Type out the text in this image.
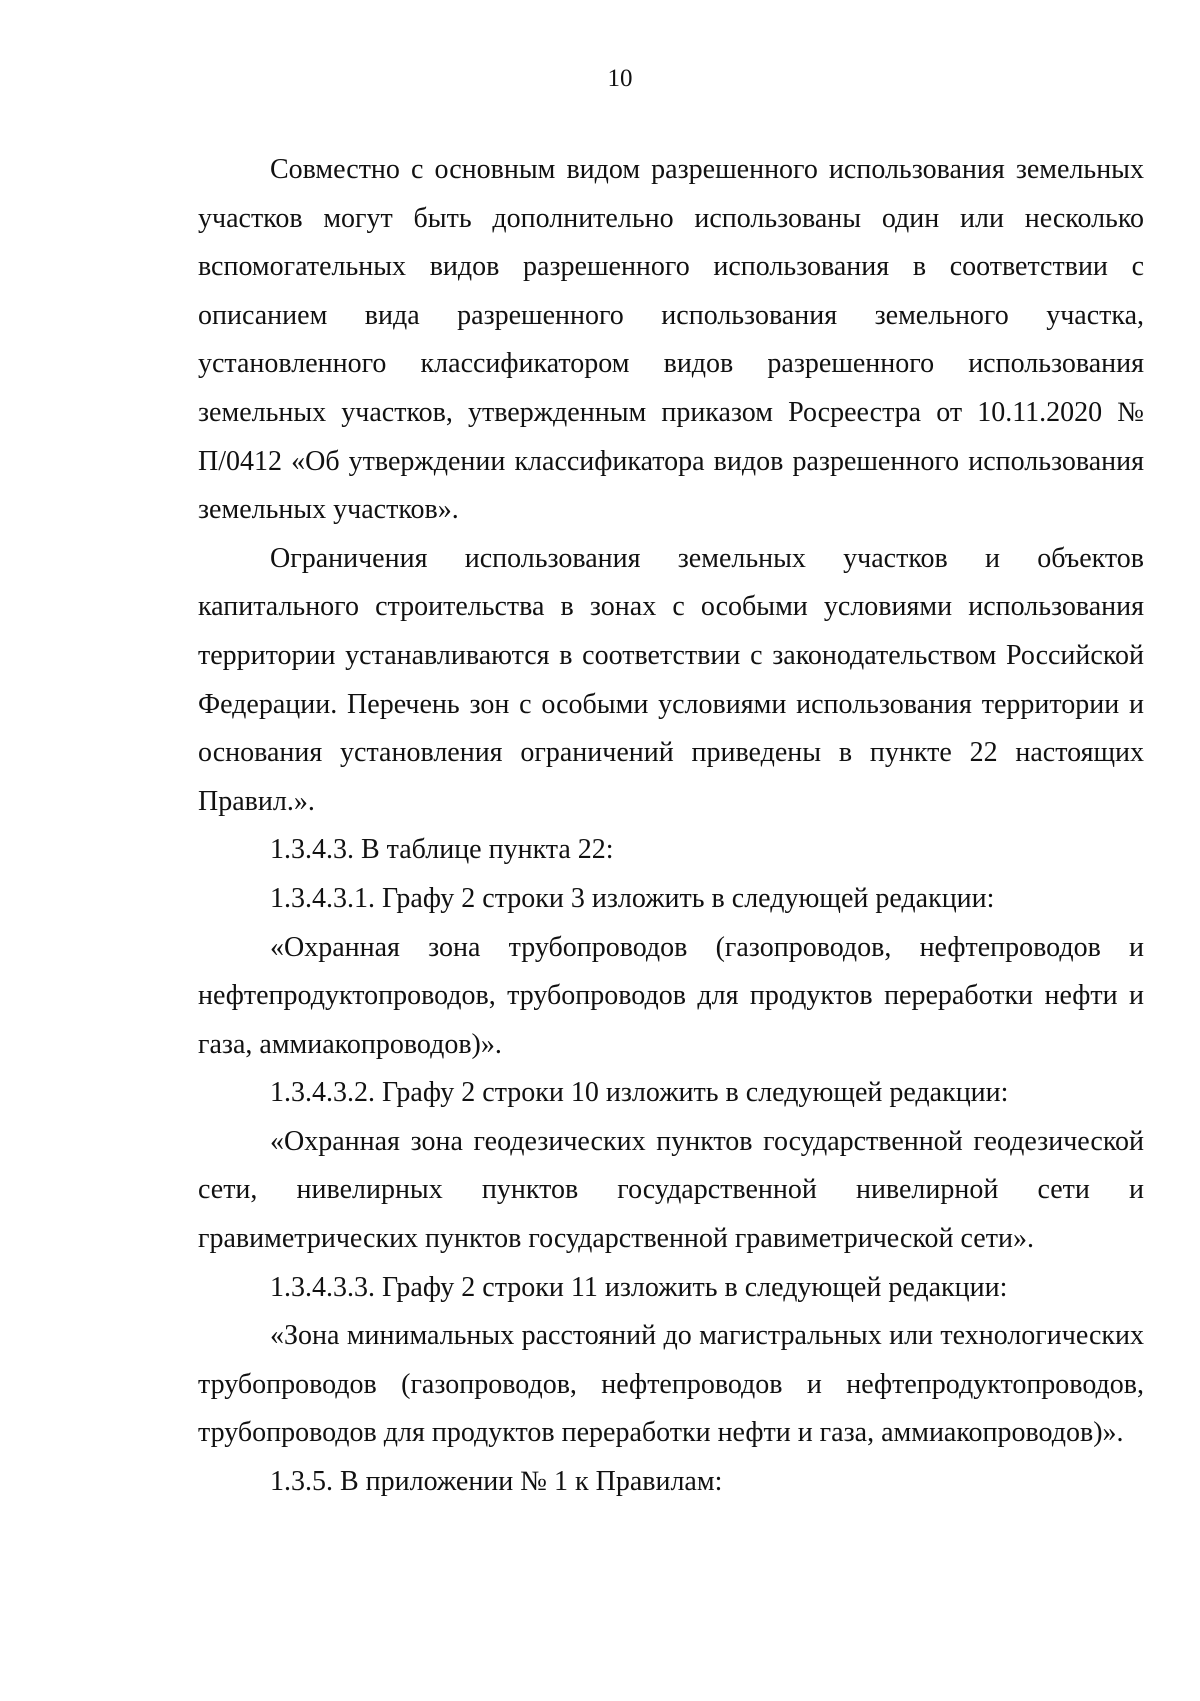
10

Совместно с основным видом разрешенного использования земельных участков могут быть дополнительно использованы один или несколько вспомогательных видов разрешенного использования в соответствии с описанием вида разрешенного использования земельного участка, установленного классификатором видов разрешенного использования земельных участков, утвержденным приказом Росреестра от 10.11.2020 № П/0412 «Об утверждении классификатора видов разрешенного использования земельных участков».

Ограничения использования земельных участков и объектов капитального строительства в зонах с особыми условиями использования территории устанавливаются в соответствии с законодательством Российской Федерации. Перечень зон с особыми условиями использования территории и основания установления ограничений приведены в пункте 22 настоящих Правил.».

1.3.4.3. В таблице пункта 22:

1.3.4.3.1. Графу 2 строки 3 изложить в следующей редакции:

«Охранная зона трубопроводов (газопроводов, нефтепроводов и нефтепродуктопроводов, трубопроводов для продуктов переработки нефти и газа, аммиакопроводов)».

1.3.4.3.2. Графу 2 строки 10 изложить в следующей редакции:

«Охранная зона геодезических пунктов государственной геодезической сети, нивелирных пунктов государственной нивелирной сети и гравиметрических пунктов государственной гравиметрической сети».

1.3.4.3.3. Графу 2 строки 11 изложить в следующей редакции:

«Зона минимальных расстояний до магистральных или технологических трубопроводов (газопроводов, нефтепроводов и нефтепродуктопроводов, трубопроводов для продуктов переработки нефти и газа, аммиакопроводов)».

1.3.5. В приложении № 1 к Правилам:
